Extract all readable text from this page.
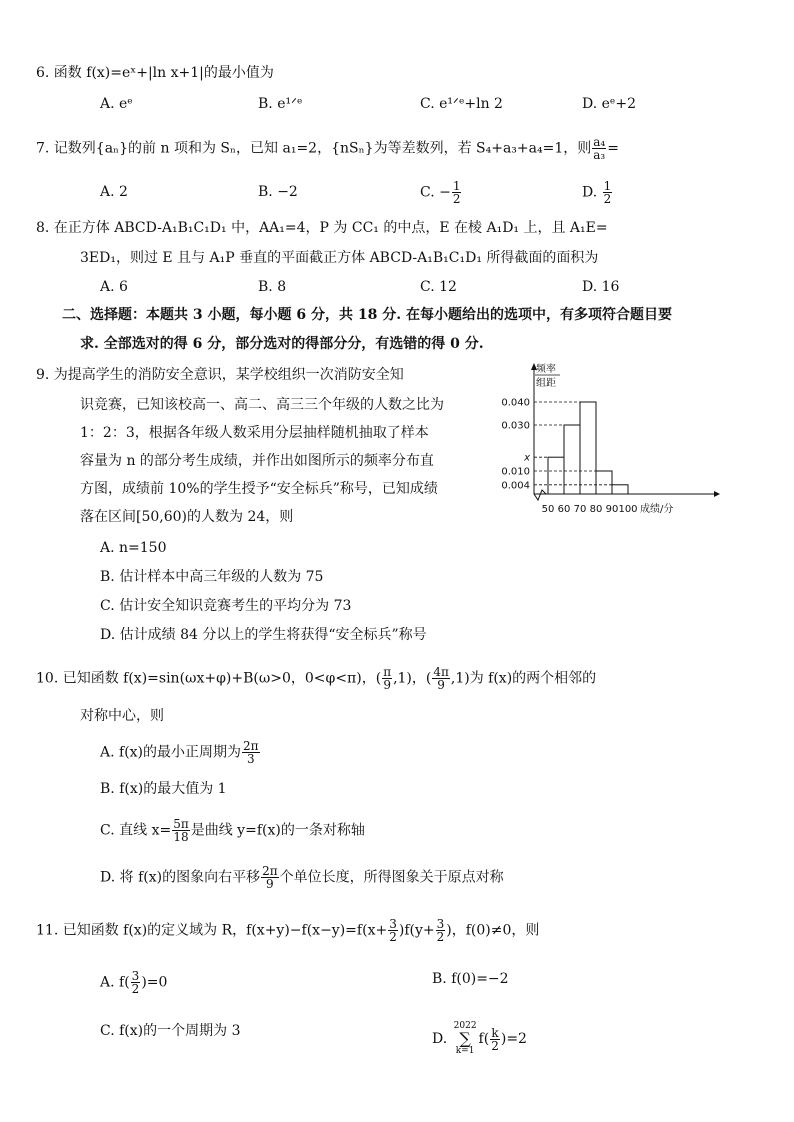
6. 函数 f(x)=eˣ+|ln x+1|的最小值为
A. eᵉ	B. e¹ᐟᵉ	C. e¹ᐟᵉ+ln 2	D. eᵉ+2
7. 记数列{aₙ}的前 n 项和为 Sₙ，已知 a₁=2，{nSₙ}为等差数列，若 S₄+a₃+a₄=1，则 $\frac{\text{a₄}}{\text{a₃}}$ =
A. 2	B. −2	C. − $\frac{1}{2}$	D. $\frac{1}{2}$
8. 在正方体 ABCD-A₁B₁C₁D₁ 中，AA₁=4，P 为 CC₁ 的中点，E 在棱 A₁D₁ 上，且 A₁E=
3ED₁，则过 E 且与 A₁P 垂直的平面截正方体 ABCD-A₁B₁C₁D₁ 所得截面的面积为
A. 6	B. 8	C. 12	D. 16
二、选择题：本题共 3 小题，每小题 6 分，共 18 分. 在每小题给出的选项中，有多项符合题目要
求. 全部选对的得 6 分，部分选对的得部分分，有选错的得 0 分.
9. 为提高学生的消防安全意识，某学校组织一次消防安全知
识竞赛，已知该校高一、高二、高三三个年级的人数之比为
1：2：3，根据各年级人数采用分层抽样随机抽取了样本
容量为 n 的部分考生成绩，并作出如图所示的频率分布直
方图，成绩前 10%的学生授予“安全标兵”称号，已知成绩
落在区间[50,60)的人数为 24，则
A. n=150
B. 估计样本中高三年级的人数为 75
C. 估计安全知识竞赛考生的平均分为 73
D. 估计成绩 84 分以上的学生将获得“安全标兵”称号
频率
组距
0.040
0.030
x
0.010
0.004
50 60 70 80 90 100 成绩/分
10. 已知函数 f(x)=sin(ωx+φ)+B(ω>0，0<φ<π)，( $\frac{\pi}{9} ,1$)，( $\frac{4\pi}{9} ,1$)为 f(x)的两个相邻的
对称中心，则
A. f(x)的最小正周期为 $\frac{2\pi}{3}$
B. f(x)的最大值为 1
C. 直线 $x= \frac{5\pi}{18}$ 是曲线 y=f(x)的一条对称轴
D. 将 f(x)的图象向右平移 $\frac{2\pi}{9}$ 个单位长度，所得图象关于原点对称
11. 已知函数 f(x)的定义域为 R，$f(x+y)-f(x-y)=f(x+ \frac{3}{2} )f(y+ \frac{3}{2}$ )，f(0)≠0，则
A. $f( \frac{3}{2} )=0$	B. f(0)=−2
C. f(x)的一个周期为 3	D.
2022
∑
k=1
$f( \frac{k}{2} )=2$
